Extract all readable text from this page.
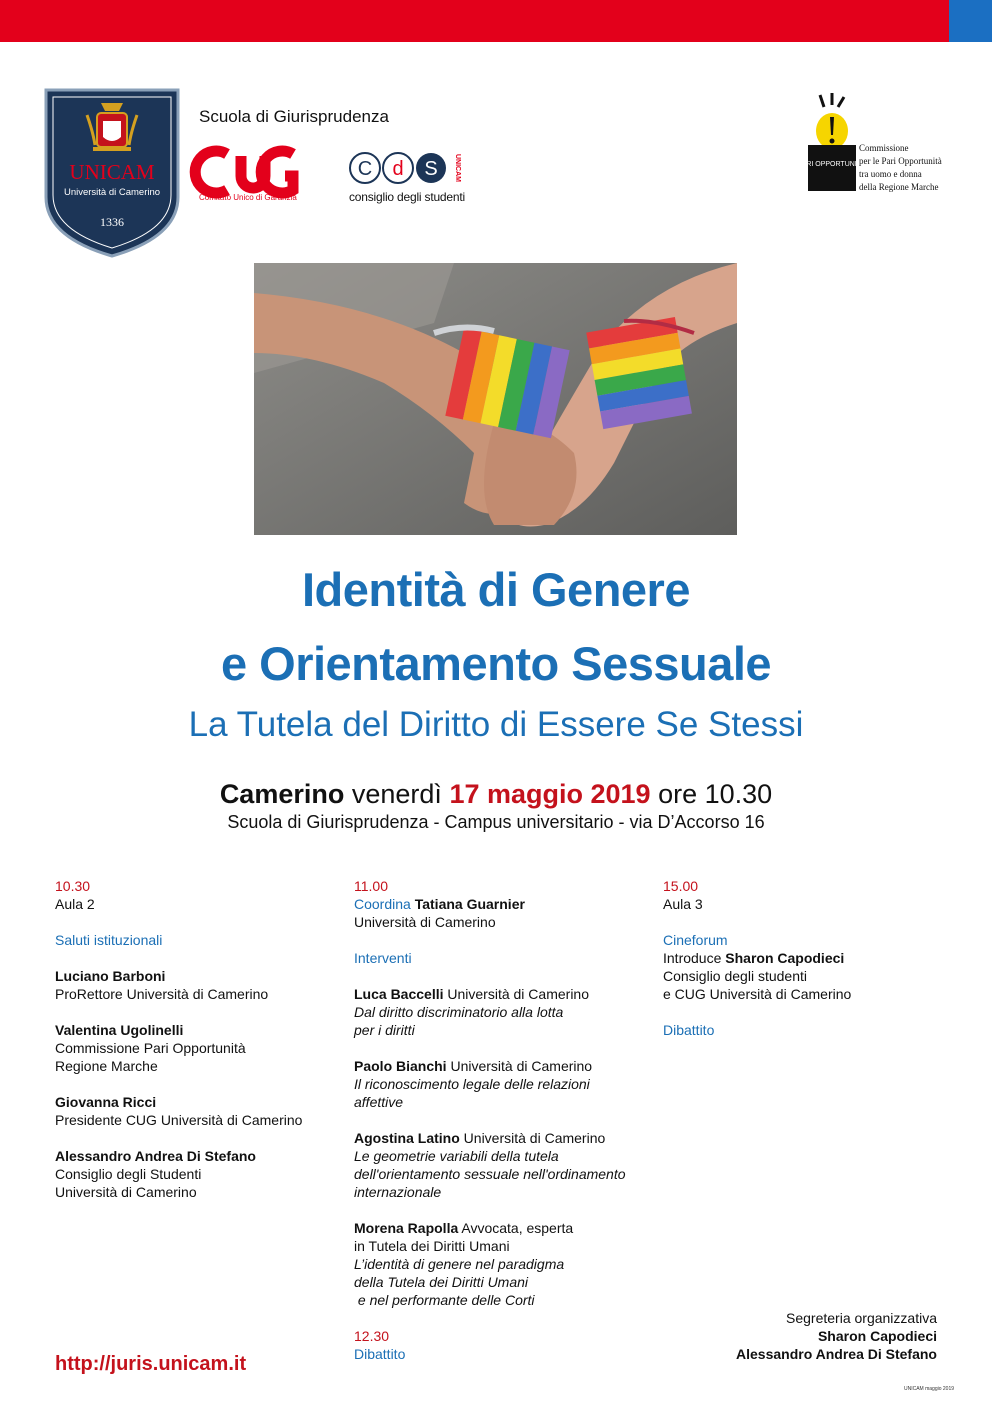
UNICAM
Università di Camerino
1336
Scuola di Giurisprudenza
Comitato Unico di Garanzia
C d S UNICAM
consiglio degli studenti
PARI OPPORTUNITA'
Commissione
per le Pari Opportunità
tra uomo e donna
della Regione Marche
Identità di Genere
e Orientamento Sessuale
La Tutela del Diritto di Essere Se Stessi
Camerino venerdì 17 maggio 2019 ore 10.30
Scuola di Giurisprudenza - Campus universitario - via D’Accorso 16
10.30
Aula 2
Saluti istituzionali
Luciano Barboni
ProRettore Università di Camerino
Valentina Ugolinelli
Commissione Pari Opportunità
Regione Marche
Giovanna Ricci
Presidente CUG Università di Camerino
Alessandro Andrea Di Stefano
Consiglio degli Studenti
Università di Camerino
11.00
Coordina Tatiana Guarnier
Università di Camerino
Interventi
Luca Baccelli Università di Camerino
Dal diritto discriminatorio alla lotta
per i diritti
Paolo Bianchi Università di Camerino
Il riconoscimento legale delle relazioni
affettive
Agostina Latino Università di Camerino
Le geometrie variabili della tutela
dell'orientamento sessuale nell'ordinamento
internazionale
Morena Rapolla Avvocata, esperta
in Tutela dei Diritti Umani
L’identità di genere nel paradigma
della Tutela dei Diritti Umani
e nel performante delle Corti
12.30
Dibattito
15.00
Aula 3
Cineforum
Introduce Sharon Capodieci
Consiglio degli studenti
e CUG Università di Camerino
Dibattito
http://juris.unicam.it
Segreteria organizzativa
Sharon Capodieci
Alessandro Andrea Di Stefano
UNICAM maggio 2019
